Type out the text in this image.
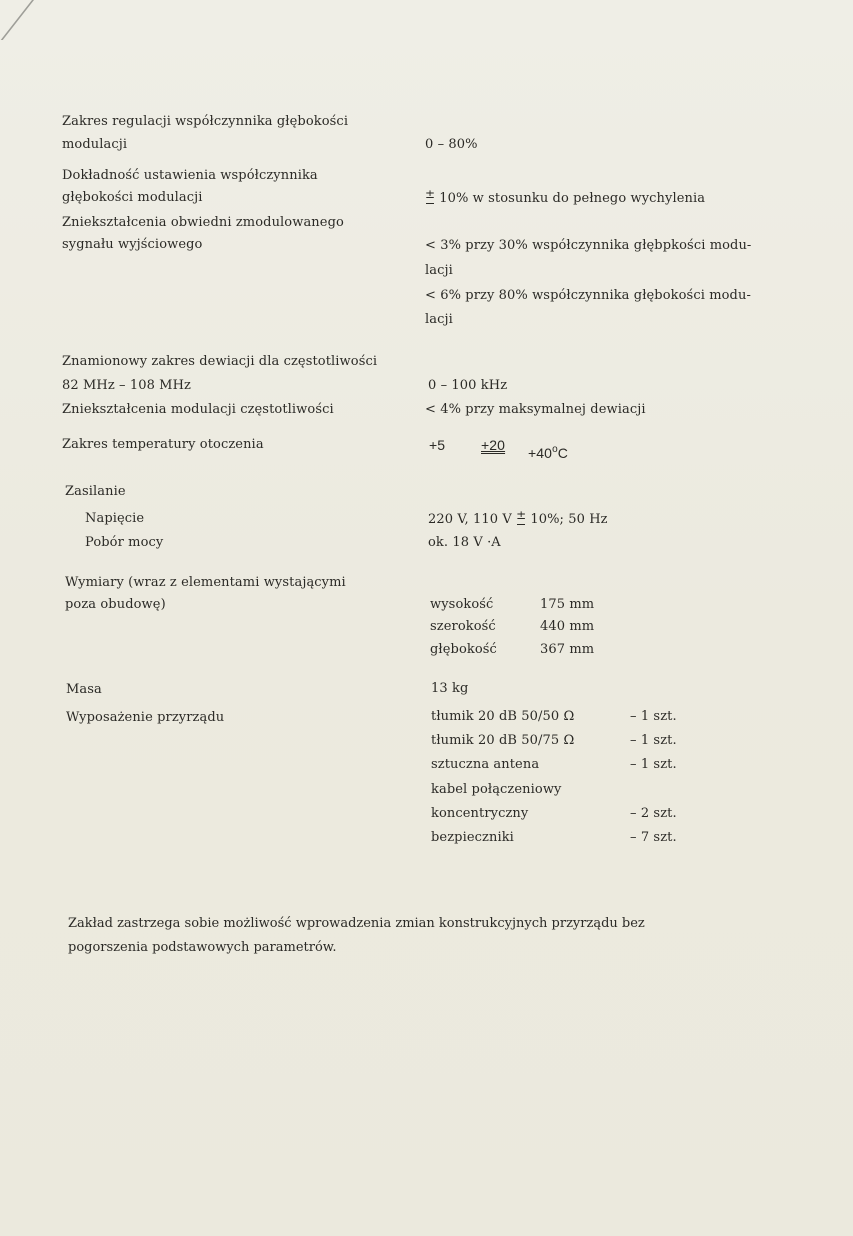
Zakres regulacji współczynnika głębokości
modulacji	0 – 80%
Dokładność ustawienia współczynnika
głębokości modulacji	± 10% w stosunku do pełnego wychylenia
Zniekształcenia obwiedni zmodulowanego
sygnału wyjściowego	< 3% przy 30% współczynnika głębpkości modu-
lacji
< 6% przy 80% współczynnika głębokości modu-
lacji
Znamionowy zakres dewiacji dla częstotliwości
82 MHz – 108 MHz	0 – 100 kHz
Zniekształcenia modulacji częstotliwości	< 4% przy maksymalnej dewiacji
Zakres temperatury otoczenia	+5	$+20 +40^oC$
Zasilanie
Napięcie	220 V, 110 V ± 10%; 50 Hz
Pobór mocy	ok. 18 V ·A
Wymiary (wraz z elementami wystającymi
poza obudowę)	wysokość	175 mm
szerokość	440 mm
głębokość	367 mm
Masa	13 kg
Wyposażenie przyrządu	tłumik 20 dB 50/50 Ω	– 1 szt.
tłumik 20 dB 50/75 Ω	– 1 szt.
sztuczna antena	– 1 szt.
kabel połączeniowy
koncentryczny	– 2 szt.
bezpieczniki	– 7 szt.
Zakład zastrzega sobie możliwość wprowadzenia zmian konstrukcyjnych przyrządu bez pogorszenia podstawowych parametrów.
